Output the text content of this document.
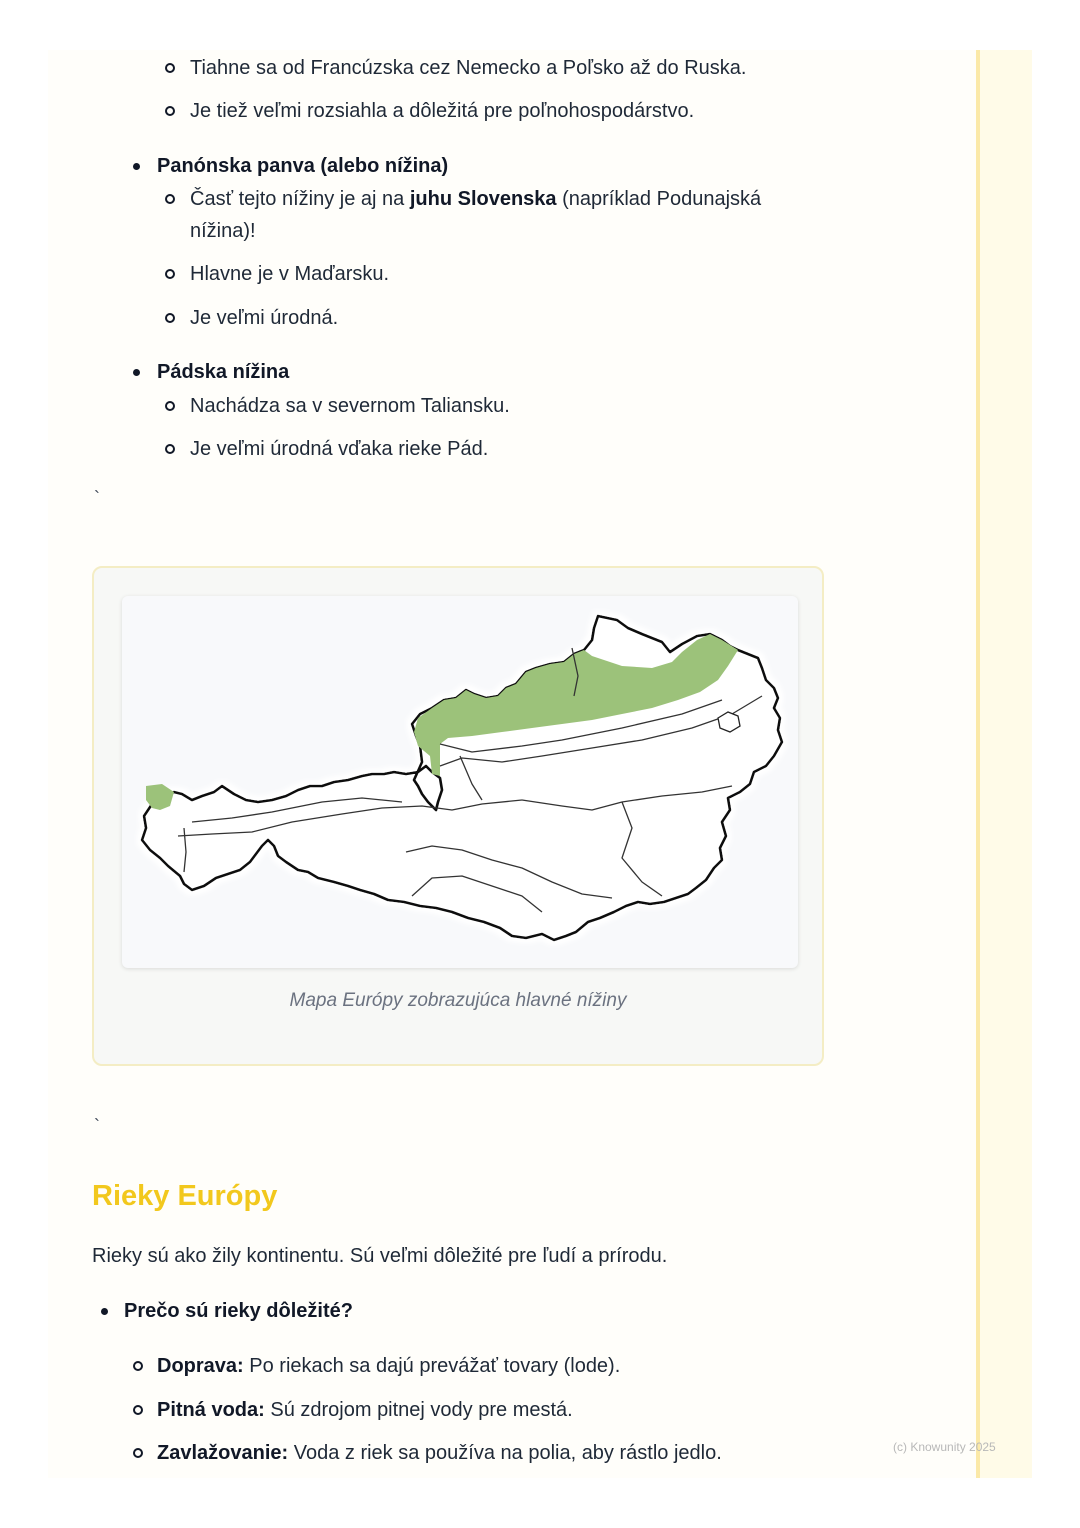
Tiahne sa od Francúzska cez Nemecko a Poľsko až do Ruska.
Je tiež veľmi rozsiahla a dôležitá pre poľnohospodárstvo.
Panónska panva (alebo nížina)
Časť tejto nížiny je aj na juhu Slovenska (napríklad Podunajská
nížina)!
Hlavne je v Maďarsku.
Je veľmi úrodná.
Pádska nížina
Nachádza sa v severnom Taliansku.
Je veľmi úrodná vďaka rieke Pád.
`
Mapa Európy zobrazujúca hlavné nížiny
`
Rieky Európy
Rieky sú ako žily kontinentu. Sú veľmi dôležité pre ľudí a prírodu.
Prečo sú rieky dôležité?
Doprava: Po riekach sa dajú prevážať tovary (lode).
Pitná voda: Sú zdrojom pitnej vody pre mestá.
Zavlažovanie: Voda z riek sa používa na polia, aby rástlo jedlo.	(c) Knowunity 2025
